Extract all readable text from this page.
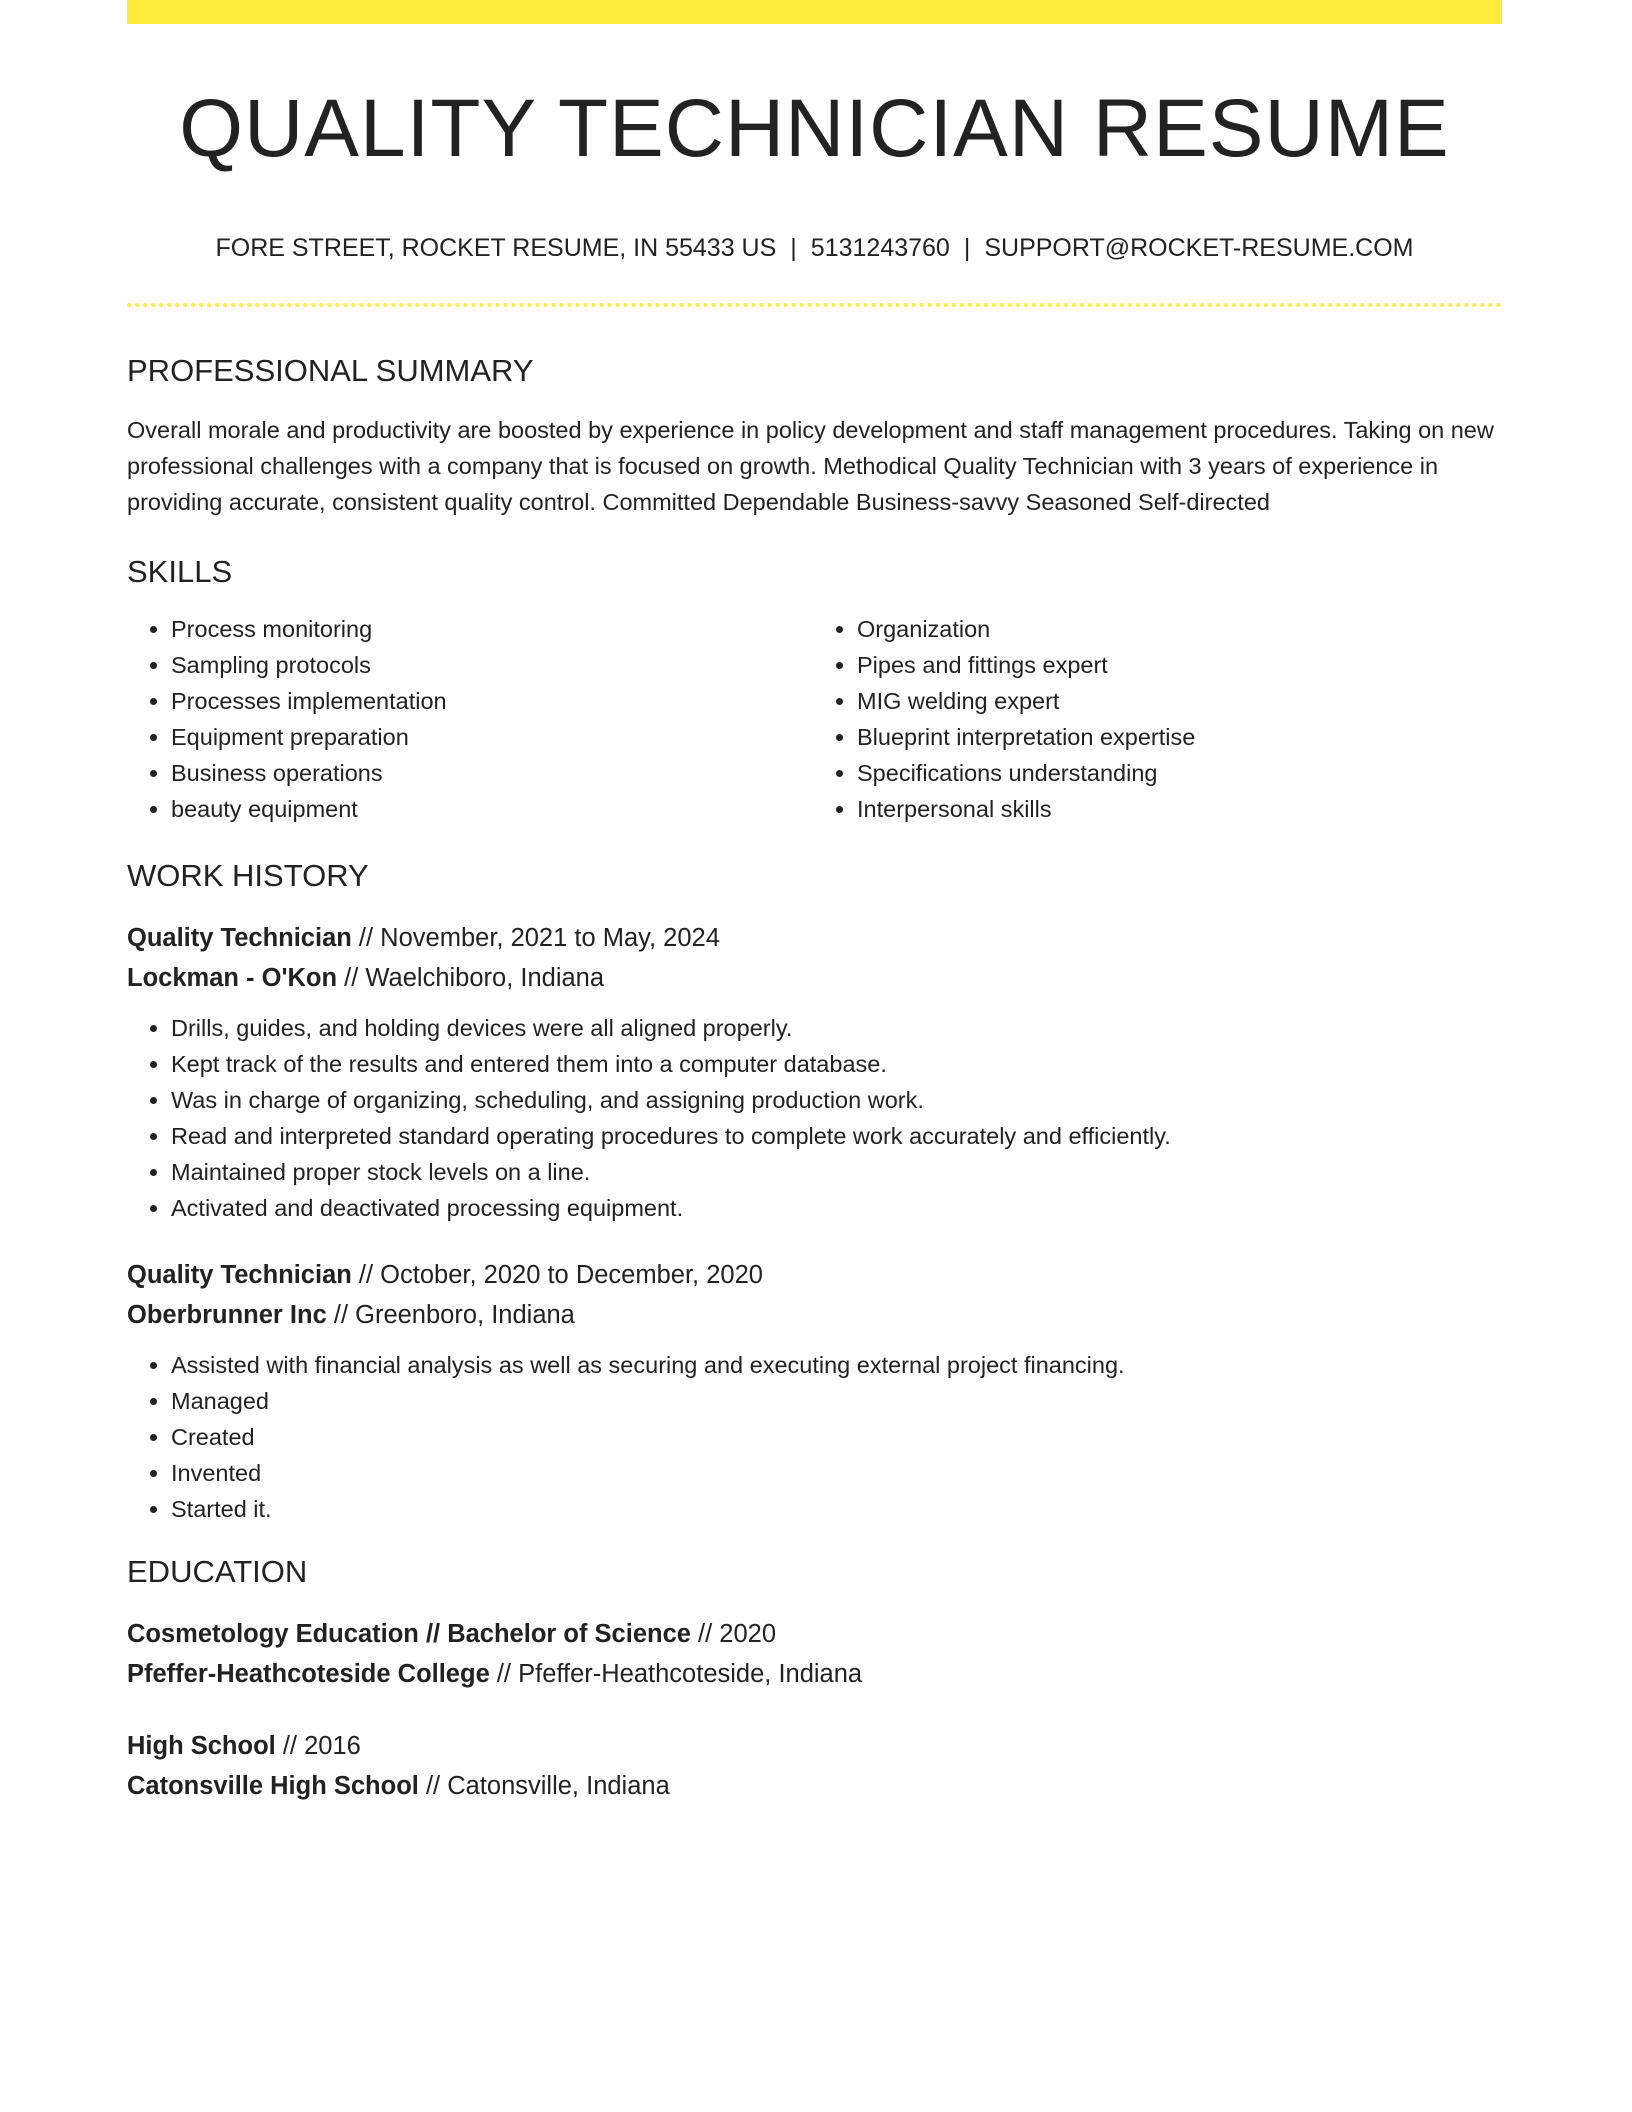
QUALITY TECHNICIAN RESUME
FORE STREET, ROCKET RESUME, IN 55433 US | 5131243760 | SUPPORT@ROCKET-RESUME.COM
PROFESSIONAL SUMMARY
Overall morale and productivity are boosted by experience in policy development and staff management procedures. Taking on new professional challenges with a company that is focused on growth. Methodical Quality Technician with 3 years of experience in providing accurate, consistent quality control. Committed Dependable Business-savvy Seasoned Self-directed
SKILLS
• Process monitoring
• Sampling protocols
• Processes implementation
• Equipment preparation
• Business operations
• beauty equipment
• Organization
• Pipes and fittings expert
• MIG welding expert
• Blueprint interpretation expertise
• Specifications understanding
• Interpersonal skills
WORK HISTORY
Quality Technician // November, 2021 to May, 2024
Lockman - O'Kon // Waelchiboro, Indiana
• Drills, guides, and holding devices were all aligned properly.
• Kept track of the results and entered them into a computer database.
• Was in charge of organizing, scheduling, and assigning production work.
• Read and interpreted standard operating procedures to complete work accurately and efficiently.
• Maintained proper stock levels on a line.
• Activated and deactivated processing equipment.
Quality Technician // October, 2020 to December, 2020
Oberbrunner Inc // Greenboro, Indiana
• Assisted with financial analysis as well as securing and executing external project financing.
• Managed
• Created
• Invented
• Started it.
EDUCATION
Cosmetology Education // Bachelor of Science // 2020
Pfeffer-Heathcoteside College // Pfeffer-Heathcoteside, Indiana
High School // 2016
Catonsville High School // Catonsville, Indiana
